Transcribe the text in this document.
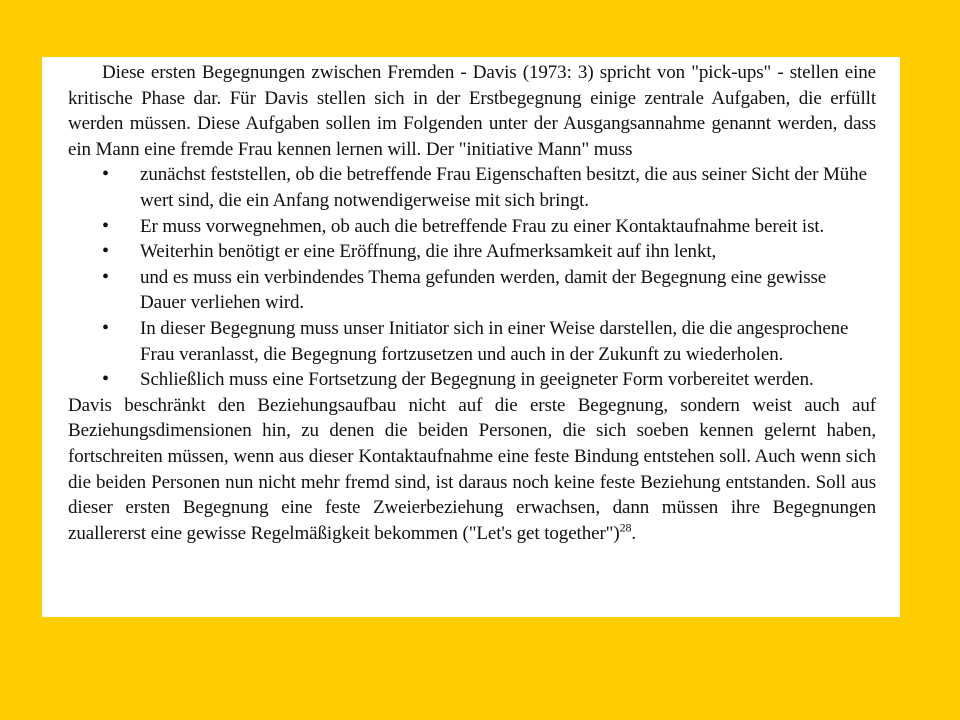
Diese ersten Begegnungen zwischen Fremden - Davis (1973: 3) spricht von "pick-ups" - stellen eine kritische Phase dar. Für Davis stellen sich in der Erstbegegnung einige zentrale Aufgaben, die erfüllt werden müssen. Diese Aufgaben sollen im Folgenden unter der Ausgangsannahme genannt werden, dass ein Mann eine fremde Frau kennen lernen will. Der "initiative Mann" muss

• zunächst feststellen, ob die betreffende Frau Eigenschaften besitzt, die aus seiner Sicht der Mühe wert sind, die ein Anfang notwendigerweise mit sich bringt.
• Er muss vorwegnehmen, ob auch die betreffende Frau zu einer Kontaktaufnahme bereit ist.
• Weiterhin benötigt er eine Eröffnung, die ihre Aufmerksamkeit auf ihn lenkt,
• und es muss ein verbindendes Thema gefunden werden, damit der Begegnung eine gewisse Dauer verliehen wird.
• In dieser Begegnung muss unser Initiator sich in einer Weise darstellen, die die angesprochene Frau veranlasst, die Begegnung fortzusetzen und auch in der Zukunft zu wiederholen.
• Schließlich muss eine Fortsetzung der Begegnung in geeigneter Form vorbereitet werden.

Davis beschränkt den Beziehungsaufbau nicht auf die erste Begegnung, sondern weist auch auf Beziehungsdimensionen hin, zu denen die beiden Personen, die sich soeben kennen gelernt haben, fortschreiten müssen, wenn aus dieser Kontaktaufnahme eine feste Bindung entstehen soll. Auch wenn sich die beiden Personen nun nicht mehr fremd sind, ist daraus noch keine feste Beziehung entstanden. Soll aus dieser ersten Begegnung eine feste Zweierbeziehung erwachsen, dann müssen ihre Begegnungen zuallererst eine gewisse Regelmäßigkeit bekommen ("Let's get together")$^{28}$.
